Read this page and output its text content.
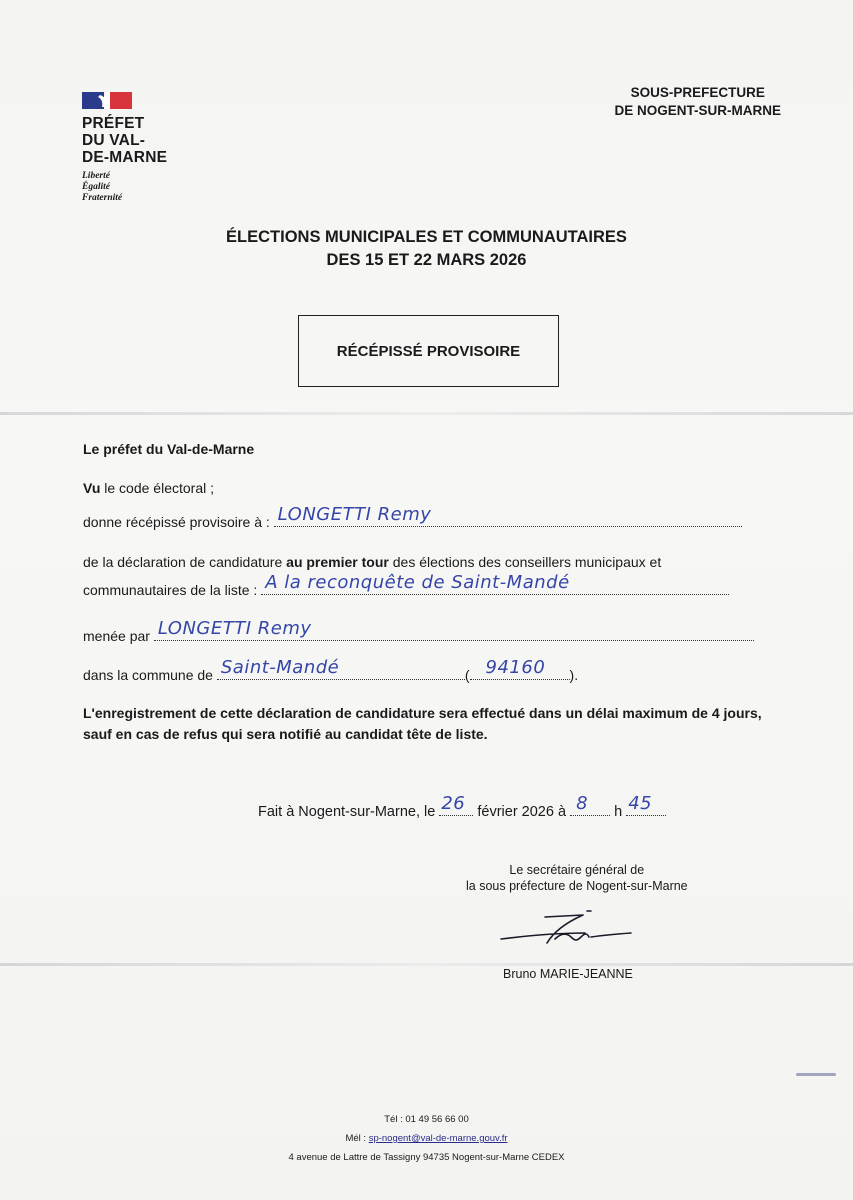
PRÉFET
DU VAL-
DE-MARNE
Liberté
Égalité
Fraternité
SOUS-PREFECTURE
DE NOGENT-SUR-MARNE
ÉLECTIONS MUNICIPALES ET COMMUNAUTAIRES
DES 15 ET 22 MARS 2026
RÉCÉPISSÉ PROVISOIRE
Le préfet du Val-de-Marne
Vu le code électoral ;
donne récépissé provisoire à : LONGETTI Remy
de la déclaration de candidature au premier tour des élections des conseillers municipaux et
communautaires de la liste : A la reconquête de Saint-Mandé
menée par LONGETTI Remy
dans la commune de Saint-Mandé	( 94160 ).
L'enregistrement de cette déclaration de candidature sera effectué dans un délai maximum de 4 jours, sauf en cas de refus qui sera notifié au candidat tête de liste.
Fait à Nogent-sur-Marne, le 26 février 2026 à 8 h 45
Le secrétaire général de
la sous préfecture de Nogent-sur-Marne
Bruno MARIE-JEANNE
Tél : 01 49 56 66 00
Mél : sp-nogent@val-de-marne.gouv.fr
4 avenue de Lattre de Tassigny 94735 Nogent-sur-Marne CEDEX
